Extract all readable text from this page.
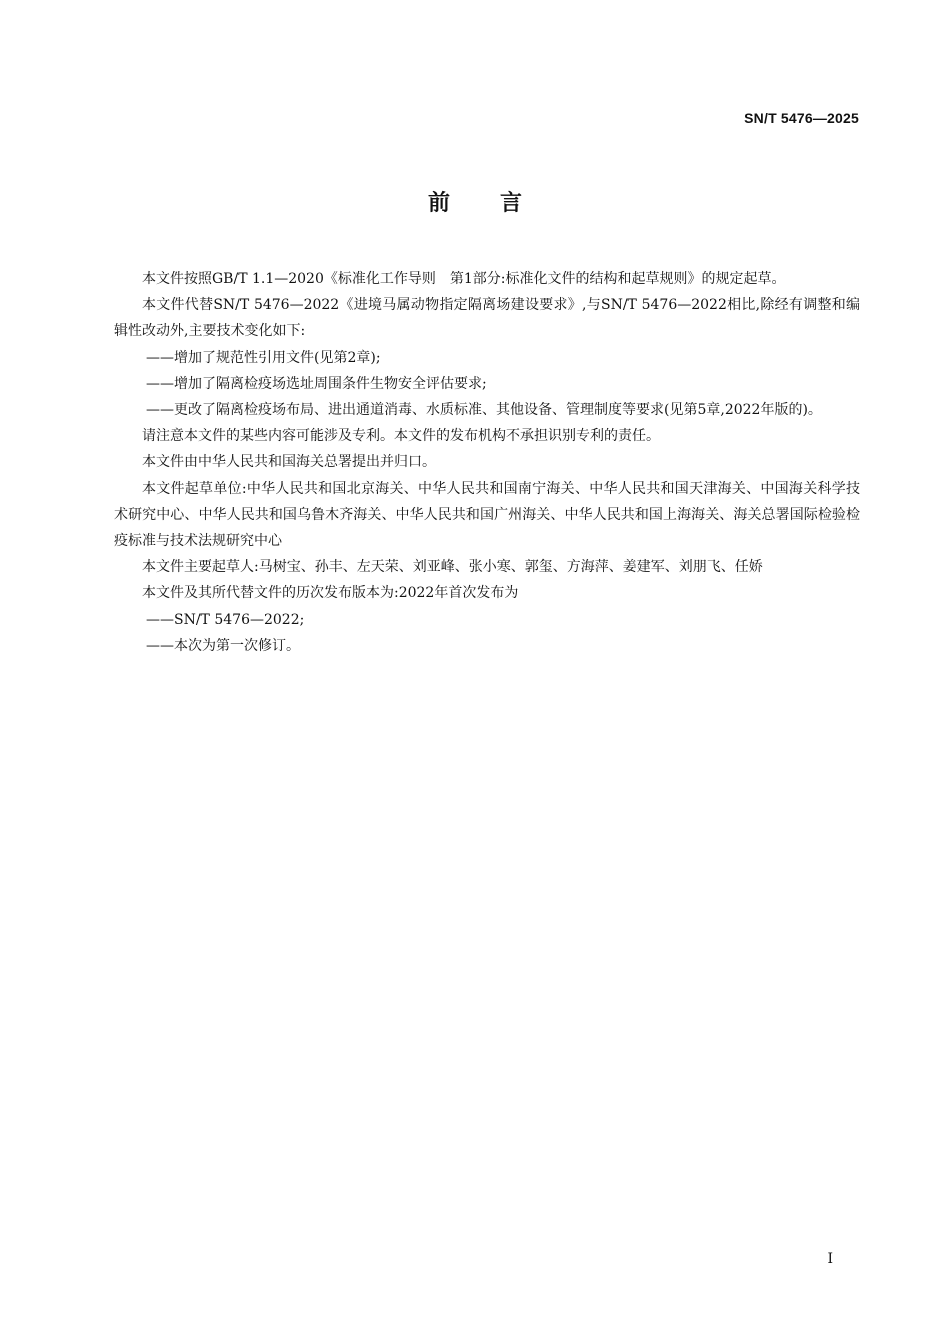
SN/T 5476—2025
前言

本文件按照GB/T 1.1—2020《标准化工作导则　第1部分:标准化文件的结构和起草规则》的规定起草。

本文件代替SN/T 5476—2022《进境马属动物指定隔离场建设要求》,与SN/T 5476—2022相比,除经有调整和编辑性改动外,主要技术变化如下:

——增加了规范性引用文件(见第2章);

——增加了隔离检疫场选址周围条件生物安全评估要求;

——更改了隔离检疫场布局、进出通道消毒、水质标准、其他设备、管理制度等要求(见第5章,2022年版的)。

请注意本文件的某些内容可能涉及专利。本文件的发布机构不承担识别专利的责任。

本文件由中华人民共和国海关总署提出并归口。

本文件起草单位:中华人民共和国北京海关、中华人民共和国南宁海关、中华人民共和国天津海关、中国海关科学技术研究中心、中华人民共和国乌鲁木齐海关、中华人民共和国广州海关、中华人民共和国上海海关、海关总署国际检验检疫标准与技术法规研究中心

本文件主要起草人:马树宝、孙丰、左天荣、刘亚峰、张小寒、郭玺、方海萍、姜建军、刘朋飞、任娇

本文件及其所代替文件的历次发布版本为:2022年首次发布为

——SN/T 5476—2022;

——本次为第一次修订。

I
